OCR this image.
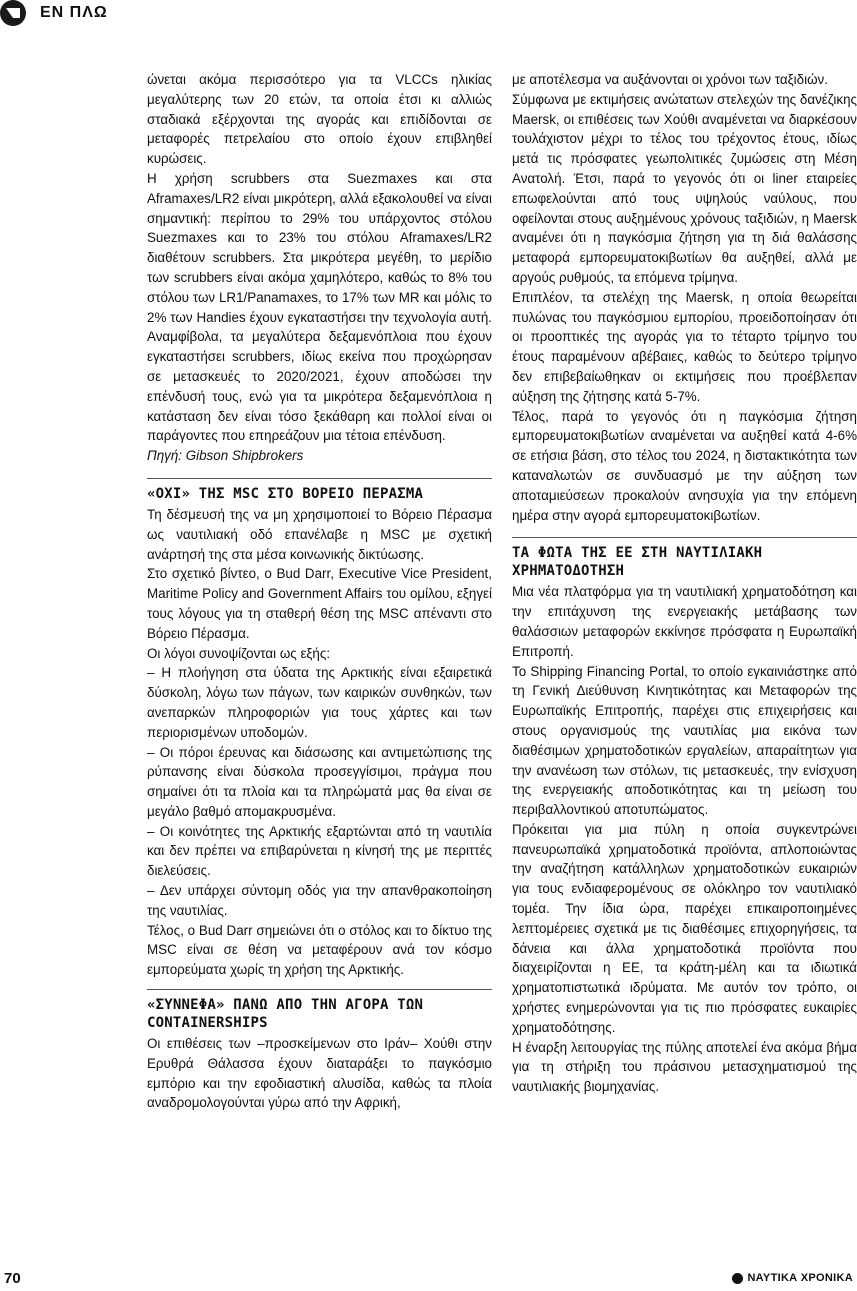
ΕΝ ΠΛΩ

ώνεται ακόμα περισσότερο για τα VLCCs ηλικίας μεγαλύτερης των 20 ετών, τα οποία έτσι κι αλλιώς σταδιακά εξέρχονται της αγοράς και επιδίδονται σε μεταφορές πετρελαίου στο οποίο έχουν επιβληθεί κυρώσεις.

Η χρήση scrubbers στα Suezmaxes και στα Aframaxes/LR2 είναι μικρότερη, αλλά εξακολουθεί να είναι σημαντική: περίπου το 29% του υπάρχοντος στόλου Suezmaxes και το 23% του στόλου Aframaxes/LR2 διαθέτουν scrubbers. Στα μικρότερα μεγέθη, το μερίδιο των scrubbers είναι ακόμα χαμηλότερο, καθώς το 8% του στόλου των LR1/Panamaxes, το 17% των MR και μόλις το 2% των Handies έχουν εγκαταστήσει την τεχνολογία αυτή. Αναμφίβολα, τα μεγαλύτερα δεξαμενόπλοια που έχουν εγκαταστήσει scrubbers, ιδίως εκείνα που προχώρησαν σε μετασκευές το 2020/2021, έχουν αποδώσει την επένδυσή τους, ενώ για τα μικρότερα δεξαμενόπλοια η κατάσταση δεν είναι τόσο ξεκάθαρη και πολλοί είναι οι παράγοντες που επηρεάζουν μια τέτοια επένδυση.

Πηγή: Gibson Shipbrokers

«ΟΧΙ» ΤΗΣ MSC ΣΤΟ ΒΟΡΕΙΟ ΠΕΡΑΣΜΑ

Τη δέσμευσή της να μη χρησιμοποιεί το Βόρειο Πέρασμα ως ναυτιλιακή οδό επανέλαβε η MSC με σχετική ανάρτησή της στα μέσα κοινωνικής δικτύωσης.

Στο σχετικό βίντεο, ο Bud Darr, Executive Vice President, Maritime Policy and Government Affairs του ομίλου, εξηγεί τους λόγους για τη σταθερή θέση της MSC απέναντι στο Βόρειο Πέρασμα.

Οι λόγοι συνοψίζονται ως εξής:

– Η πλοήγηση στα ύδατα της Αρκτικής είναι εξαιρετικά δύσκολη, λόγω των πάγων, των καιρικών συνθηκών, των ανεπαρκών πληροφοριών για τους χάρτες και των περιορισμένων υποδομών.

– Οι πόροι έρευνας και διάσωσης και αντιμετώπισης της ρύπανσης είναι δύσκολα προσεγγίσιμοι, πράγμα που σημαίνει ότι τα πλοία και τα πληρώματά μας θα είναι σε μεγάλο βαθμό απομακρυσμένα.

– Οι κοινότητες της Αρκτικής εξαρτώνται από τη ναυτιλία και δεν πρέπει να επιβαρύνεται η κίνησή της με περιττές διελεύσεις.

– Δεν υπάρχει σύντομη οδός για την απανθρακοποίηση της ναυτιλίας.

Τέλος, ο Bud Darr σημειώνει ότι ο στόλος και το δίκτυο της MSC είναι σε θέση να μεταφέρουν ανά τον κόσμο εμπορεύματα χωρίς τη χρήση της Αρκτικής.

«ΣΥΝΝΕΦΑ» ΠΑΝΩ ΑΠΟ ΤΗΝ ΑΓΟΡΑ ΤΩΝ CONTAINERSHIPS

Οι επιθέσεις των –προσκείμενων στο Ιράν– Χούθι στην Ερυθρά Θάλασσα έχουν διαταράξει το παγκόσμιο εμπόριο και την εφοδιαστική αλυσίδα, καθώς τα πλοία αναδρομολογούνται γύρω από την Αφρική,

με αποτέλεσμα να αυξάνονται οι χρόνοι των ταξιδιών.

Σύμφωνα με εκτιμήσεις ανώτατων στελεχών της δανέζικης Maersk, οι επιθέσεις των Χούθι αναμένεται να διαρκέσουν τουλάχιστον μέχρι το τέλος του τρέχοντος έτους, ιδίως μετά τις πρόσφατες γεωπολιτικές ζυμώσεις στη Μέση Ανατολή. Έτσι, παρά το γεγονός ότι οι liner εταιρείες επωφελούνται από τους υψηλούς ναύλους, που οφείλονται στους αυξημένους χρόνους ταξιδιών, η Maersk αναμένει ότι η παγκόσμια ζήτηση για τη διά θαλάσσης μεταφορά εμπορευματοκιβωτίων θα αυξηθεί, αλλά με αργούς ρυθμούς, τα επόμενα τρίμηνα.

Επιπλέον, τα στελέχη της Maersk, η οποία θεωρείται πυλώνας του παγκόσμιου εμπορίου, προειδοποίησαν ότι οι προοπτικές της αγοράς για το τέταρτο τρίμηνο του έτους παραμένουν αβέβαιες, καθώς το δεύτερο τρίμηνο δεν επιβεβαίωθηκαν οι εκτιμήσεις που προέβλεπαν αύξηση της ζήτησης κατά 5-7%.

Τέλος, παρά το γεγονός ότι η παγκόσμια ζήτηση εμπορευματοκιβωτίων αναμένεται να αυξηθεί κατά 4-6% σε ετήσια βάση, στο τέλος του 2024, η διστακτικότητα των καταναλωτών σε συνδυασμό με την αύξηση των αποταμιεύσεων προκαλούν ανησυχία για την επόμενη ημέρα στην αγορά εμπορευματοκιβωτίων.

ΤΑ ΦΩΤΑ ΤΗΣ ΕΕ ΣΤΗ ΝΑΥΤΙΛΙΑΚΗ ΧΡΗΜΑΤΟΔΟΤΗΣΗ

Μια νέα πλατφόρμα για τη ναυτιλιακή χρηματοδότηση και την επιτάχυνση της ενεργειακής μετάβασης των θαλάσσιων μεταφορών εκκίνησε πρόσφατα η Ευρωπαϊκή Επιτροπή.

Το Shipping Financing Portal, το οποίο εγκαινιάστηκε από τη Γενική Διεύθυνση Κινητικότητας και Μεταφορών της Ευρωπαϊκής Επιτροπής, παρέχει στις επιχειρήσεις και στους οργανισμούς της ναυτιλίας μια εικόνα των διαθέσιμων χρηματοδοτικών εργαλείων, απαραίτητων για την ανανέωση των στόλων, τις μετασκευές, την ενίσχυση της ενεργειακής αποδοτικότητας και τη μείωση του περιβαλλοντικού αποτυπώματος.

Πρόκειται για μια πύλη η οποία συγκεντρώνει πανευρωπαϊκά χρηματοδοτικά προϊόντα, απλοποιώντας την αναζήτηση κατάλληλων χρηματοδοτικών ευκαιριών για τους ενδιαφερομένους σε ολόκληρο τον ναυτιλιακό τομέα. Την ίδια ώρα, παρέχει επικαιροποιημένες λεπτομέρειες σχετικά με τις διαθέσιμες επιχορηγήσεις, τα δάνεια και άλλα χρηματοδοτικά προϊόντα που διαχειρίζονται η ΕΕ, τα κράτη-μέλη και τα ιδιωτικά χρηματοπιστωτικά ιδρύματα. Με αυτόν τον τρόπο, οι χρήστες ενημερώνονται για τις πιο πρόσφατες ευκαιρίες χρηματοδότησης.

Η έναρξη λειτουργίας της πύλης αποτελεί ένα ακόμα βήμα για τη στήριξη του πράσινου μετασχηματισμού της ναυτιλιακής βιομηχανίας.

70	ΝΑΥΤΙΚΑ ΧΡΟΝΙΚΑ
